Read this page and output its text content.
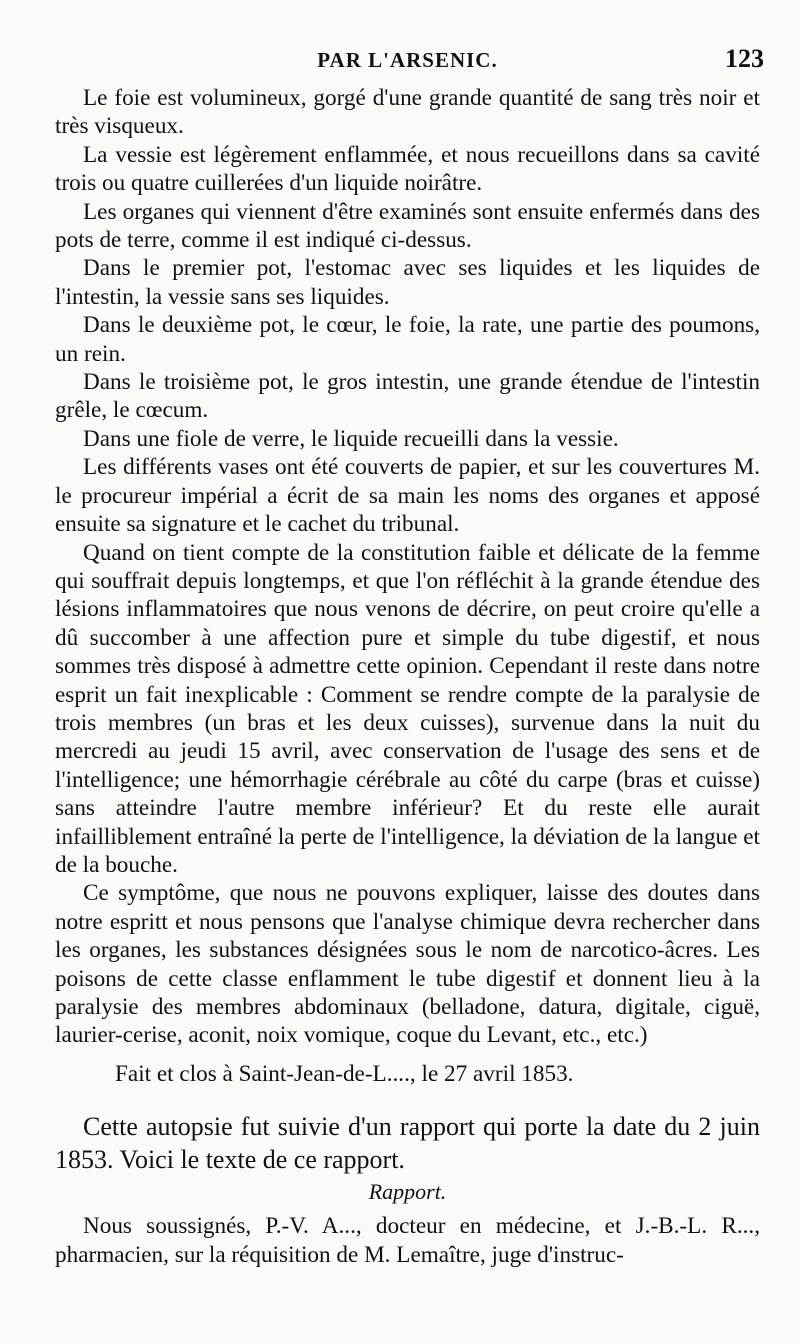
PAR L'ARSENIC.	123

Le foie est volumineux, gorgé d'une grande quantité de sang très noir et très visqueux.

La vessie est légèrement enflammée, et nous recueillons dans sa cavité trois ou quatre cuillerées d'un liquide noirâtre.

Les organes qui viennent d'être examinés sont ensuite enfermés dans des pots de terre, comme il est indiqué ci-dessus.

Dans le premier pot, l'estomac avec ses liquides et les liquides de l'intestin, la vessie sans ses liquides.

Dans le deuxième pot, le cœur, le foie, la rate, une partie des poumons, un rein.

Dans le troisième pot, le gros intestin, une grande étendue de l'intestin grêle, le cœcum.

Dans une fiole de verre, le liquide recueilli dans la vessie.

Les différents vases ont été couverts de papier, et sur les couvertures M. le procureur impérial a écrit de sa main les noms des organes et apposé ensuite sa signature et le cachet du tribunal.

Quand on tient compte de la constitution faible et délicate de la femme qui souffrait depuis longtemps, et que l'on réfléchit à la grande étendue des lésions inflammatoires que nous venons de décrire, on peut croire qu'elle a dû succomber à une affection pure et simple du tube digestif, et nous sommes très disposé à admettre cette opinion. Cependant il reste dans notre esprit un fait inexplicable : Comment se rendre compte de la paralysie de trois membres (un bras et les deux cuisses), survenue dans la nuit du mercredi au jeudi 15 avril, avec conservation de l'usage des sens et de l'intelligence; une hémorrhagie cérébrale au côté du carpe (bras et cuisse) sans atteindre l'autre membre inférieur? Et du reste elle aurait infailliblement entraîné la perte de l'intelligence, la déviation de la langue et de la bouche.

Ce symptôme, que nous ne pouvons expliquer, laisse des doutes dans notre espritt et nous pensons que l'analyse chimique devra rechercher dans les organes, les substances désignées sous le nom de narcotico-âcres. Les poisons de cette classe enflamment le tube digestif et donnent lieu à la paralysie des membres abdominaux (belladone, datura, digitale, ciguë, laurier-cerise, aconit, noix vomique, coque du Levant, etc., etc.)

Fait et clos à Saint-Jean-de-L...., le 27 avril 1853.

Cette autopsie fut suivie d'un rapport qui porte la date du 2 juin 1853. Voici le texte de ce rapport.

Rapport.

Nous soussignés, P.-V. A..., docteur en médecine, et J.-B.-L. R..., pharmacien, sur la réquisition de M. Lemaître, juge d'instruc-
